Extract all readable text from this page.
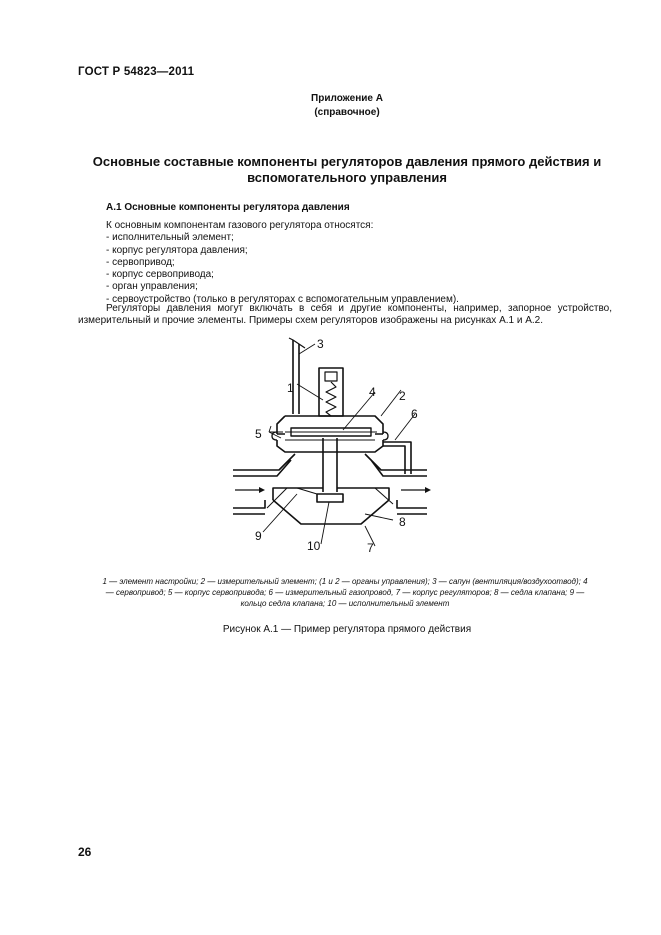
ГОСТ Р 54823—2011
Приложение А
(справочное)
Основные составные компоненты регуляторов давления прямого действия и
вспомогательного управления
А.1 Основные компоненты регулятора давления
К основным компонентам газового регулятора относятся:
- исполнительный элемент;
- корпус регулятора давления;
- сервопривод;
- корпус сервопривода;
- орган управления;
- сервоустройство (только в регуляторах с вспомогательным управлением).
Регуляторы давления могут включать в себя и другие компоненты, например, запорное устройство,
измерительный и прочие элементы. Примеры схем регуляторов изображены на рисунках А.1 и А.2.
3
1	4 2
6
5
9
8
10	7
1 — элемент настройки; 2 — измерительный элемент; (1 и 2 — органы управления); 3 — сапун (вентиляция/воздухоотвод); 4
— сервопривод; 5 — корпус сервопривода; 6 — измерительный газопровод, 7 — корпус регуляторов; 8 — седла клапана; 9 —
кольцо седла клапана; 10 — исполнительный элемент
Рисунок А.1 — Пример регулятора прямого действия
26
